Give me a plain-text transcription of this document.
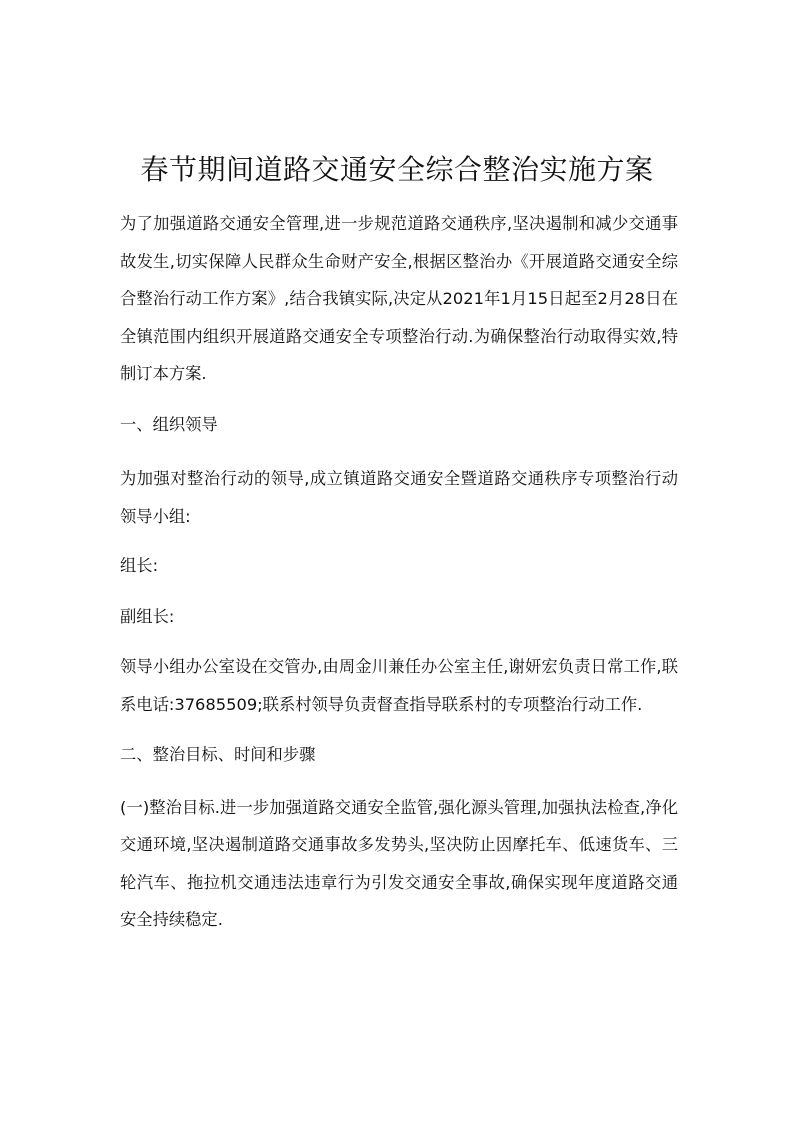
春节期间道路交通安全综合整治实施方案

为了加强道路交通安全管理,进一步规范道路交通秩序,坚决遏制和减少交通事故发生,切实保障人民群众生命财产安全,根据区整治办《开展道路交通安全综合整治行动工作方案》,结合我镇实际,决定从2021年1月15日起至2月28日在全镇范围内组织开展道路交通安全专项整治行动.为确保整治行动取得实效,特制订本方案.

一、组织领导

为加强对整治行动的领导,成立镇道路交通安全暨道路交通秩序专项整治行动领导小组:

组长:

副组长:

领导小组办公室设在交管办,由周金川兼任办公室主任,谢妍宏负责日常工作,联系电话:37685509;联系村领导负责督查指导联系村的专项整治行动工作.

二、整治目标、时间和步骤

(一)整治目标.进一步加强道路交通安全监管,强化源头管理,加强执法检查,净化交通环境,坚决遏制道路交通事故多发势头,坚决防止因摩托车、低速货车、三轮汽车、拖拉机交通违法违章行为引发交通安全事故,确保实现年度道路交通安全持续稳定.
